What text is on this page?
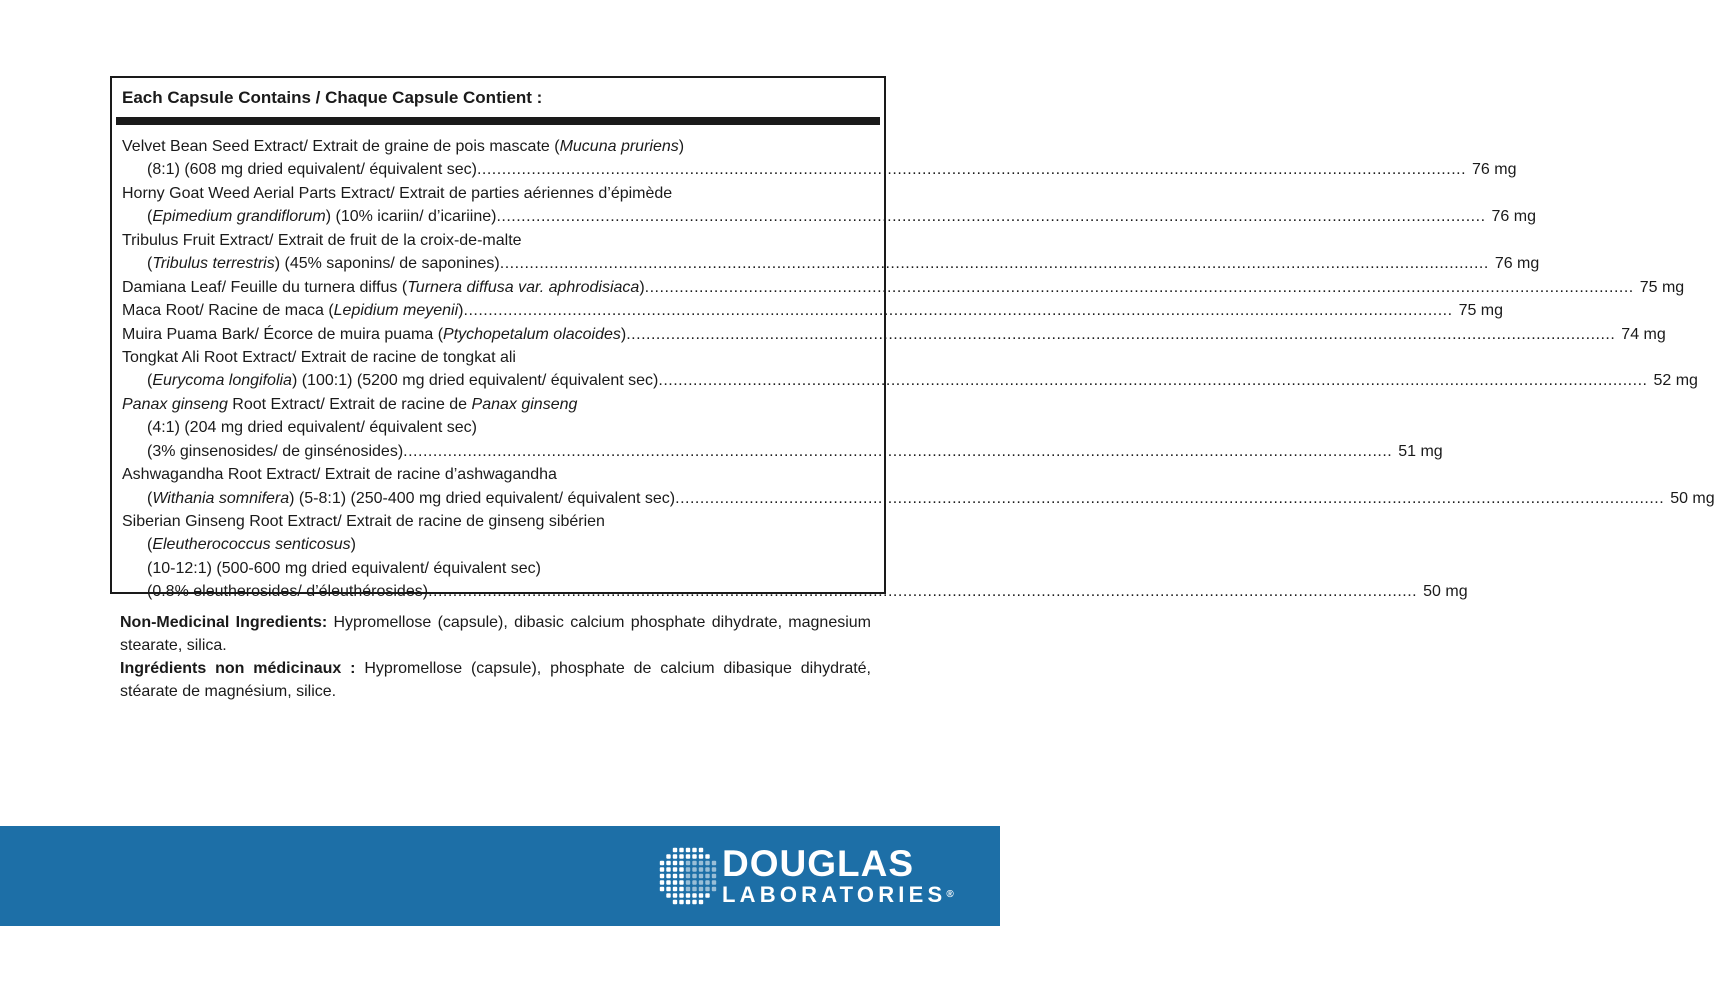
Each Capsule Contains / Chaque Capsule Contient :
Velvet Bean Seed Extract/ Extrait de graine de pois mascate (Mucuna pruriens)
(8:1) (608 mg dried equivalent/ équivalent sec) ........................................................................................................................................................................................................ 76 mg
Horny Goat Weed Aerial Parts Extract/ Extrait de parties aériennes d’épimède
(Epimedium grandiflorum) (10% icariin/ d’icariine) ........................................................................................................................................................................................................ 76 mg
Tribulus Fruit Extract/ Extrait de fruit de la croix-de-malte
(Tribulus terrestris) (45% saponins/ de saponines) ........................................................................................................................................................................................................ 76 mg
Damiana Leaf/ Feuille du turnera diffus (Turnera diffusa var. aphrodisiaca) ........................................................................................................................................................................................................ 75 mg
Maca Root/ Racine de maca (Lepidium meyenii) ........................................................................................................................................................................................................ 75 mg
Muira Puama Bark/ Écorce de muira puama (Ptychopetalum olacoides) ........................................................................................................................................................................................................ 74 mg
Tongkat Ali Root Extract/ Extrait de racine de tongkat ali
(Eurycoma longifolia) (100:1) (5200 mg dried equivalent/ équivalent sec) ........................................................................................................................................................................................................ 52 mg
Panax ginseng Root Extract/ Extrait de racine de Panax ginseng
(4:1) (204 mg dried equivalent/ équivalent sec)
(3% ginsenosides/ de ginsénosides) ........................................................................................................................................................................................................ 51 mg
Ashwagandha Root Extract/ Extrait de racine d’ashwagandha
(Withania somnifera) (5-8:1) (250-400 mg dried equivalent/ équivalent sec) ........................................................................................................................................................................................................ 50 mg
Siberian Ginseng Root Extract/ Extrait de racine de ginseng sibérien
(Eleutherococcus senticosus)
(10-12:1) (500-600 mg dried equivalent/ équivalent sec)
(0.8% eleutherosides/ d’éleuthérosides) ........................................................................................................................................................................................................ 50 mg

Non-Medicinal Ingredients: Hypromellose (capsule), dibasic calcium phosphate dihydrate, magnesium stearate, silica.

Ingrédients non médicinaux : Hypromellose (capsule), phosphate de calcium dibasique dihydraté, stéarate de magnésium, silice.

DOUGLAS
LABORATORIES®
